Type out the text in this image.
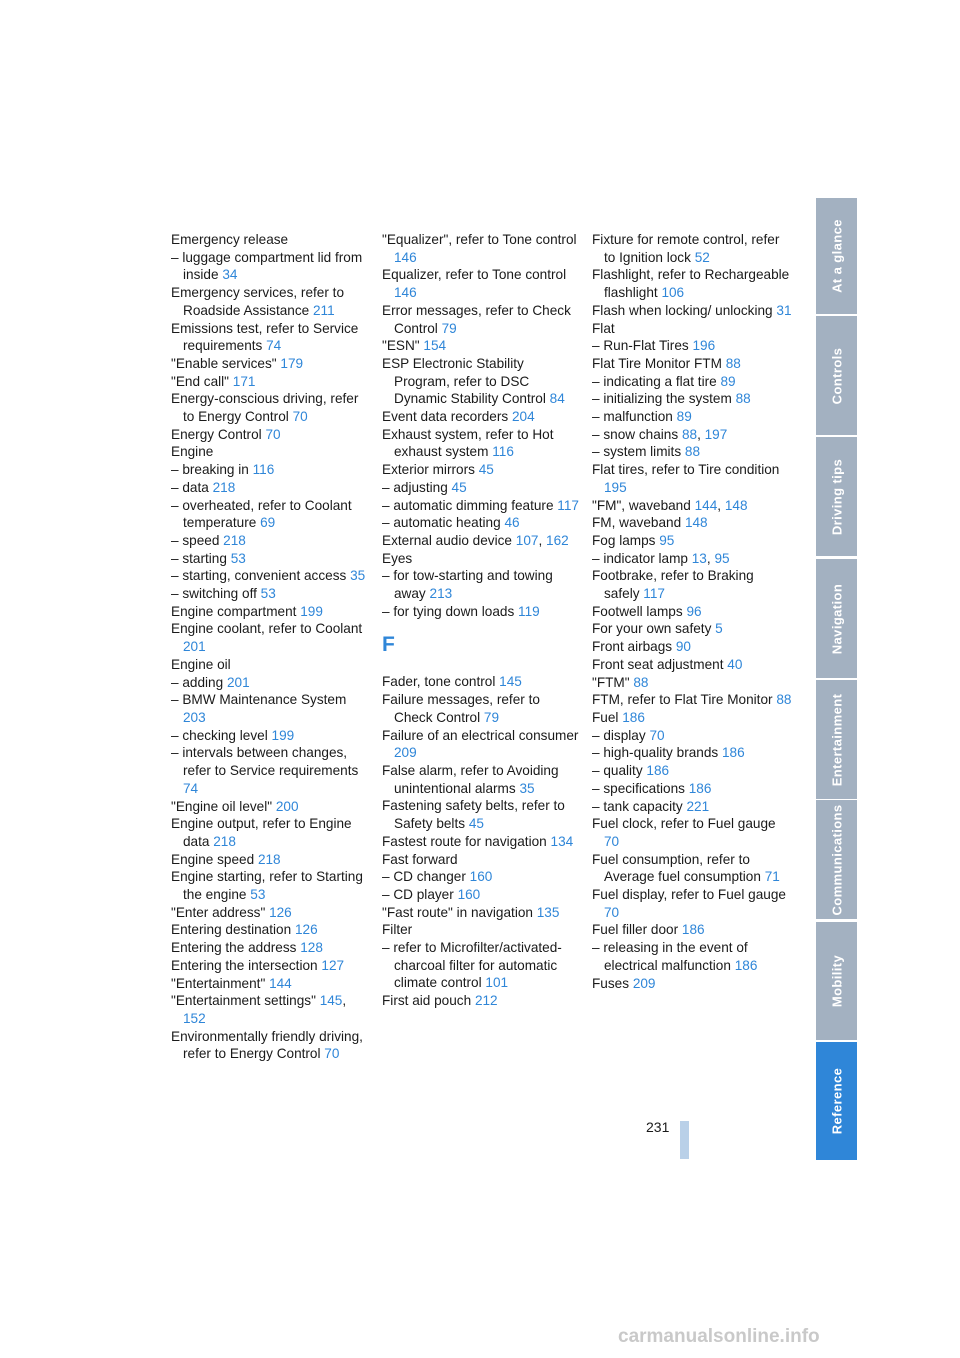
Emergency release
– luggage compartment lid from inside 34
Emergency services, refer to Roadside Assistance 211
Emissions test, refer to Service requirements 74
"Enable services" 179
"End call" 171
Energy-conscious driving, refer to Energy Control 70
Energy Control 70
Engine
– breaking in 116
– data 218
– overheated, refer to Coolant temperature 69
– speed 218
– starting 53
– starting, convenient access 35
– switching off 53
Engine compartment 199
Engine coolant, refer to Coolant 201
Engine oil
– adding 201
– BMW Maintenance System 203
– checking level 199
– intervals between changes, refer to Service requirements 74
"Engine oil level" 200
Engine output, refer to Engine data 218
Engine speed 218
Engine starting, refer to Starting the engine 53
"Enter address" 126
Entering destination 126
Entering the address 128
Entering the intersection 127
"Entertainment" 144
"Entertainment settings" 145, 152
Environmentally friendly driving, refer to Energy Control 70
"Equalizer", refer to Tone control 146
Equalizer, refer to Tone control 146
Error messages, refer to Check Control 79
"ESN" 154
ESP Electronic Stability Program, refer to DSC Dynamic Stability Control 84
Event data recorders 204
Exhaust system, refer to Hot exhaust system 116
Exterior mirrors 45
– adjusting 45
– automatic dimming feature 117
– automatic heating 46
External audio device 107, 162
Eyes
– for tow-starting and towing away 213
– for tying down loads 119
F
Fader, tone control 145
Failure messages, refer to Check Control 79
Failure of an electrical consumer 209
False alarm, refer to Avoiding unintentional alarms 35
Fastening safety belts, refer to Safety belts 45
Fastest route for navigation 134
Fast forward
– CD changer 160
– CD player 160
"Fast route" in navigation 135
Filter
– refer to Microfilter/activated-charcoal filter for automatic climate control 101
First aid pouch 212
Fixture for remote control, refer to Ignition lock 52
Flashlight, refer to Rechargeable flashlight 106
Flash when locking/ unlocking 31
Flat
– Run-Flat Tires 196
Flat Tire Monitor FTM 88
– indicating a flat tire 89
– initializing the system 88
– malfunction 89
– snow chains 88, 197
– system limits 88
Flat tires, refer to Tire condition 195
"FM", waveband 144, 148
FM, waveband 148
Fog lamps 95
– indicator lamp 13, 95
Footbrake, refer to Braking safely 117
Footwell lamps 96
For your own safety 5
Front airbags 90
Front seat adjustment 40
"FTM" 88
FTM, refer to Flat Tire Monitor 88
Fuel 186
– display 70
– high-quality brands 186
– quality 186
– specifications 186
– tank capacity 221
Fuel clock, refer to Fuel gauge 70
Fuel consumption, refer to Average fuel consumption 71
Fuel display, refer to Fuel gauge 70
Fuel filler door 186
– releasing in the event of electrical malfunction 186
Fuses 209
At a glance
Controls
Driving tips
Navigation
Entertainment
Communications
Mobility
Reference
231
carmanualsonline.info
